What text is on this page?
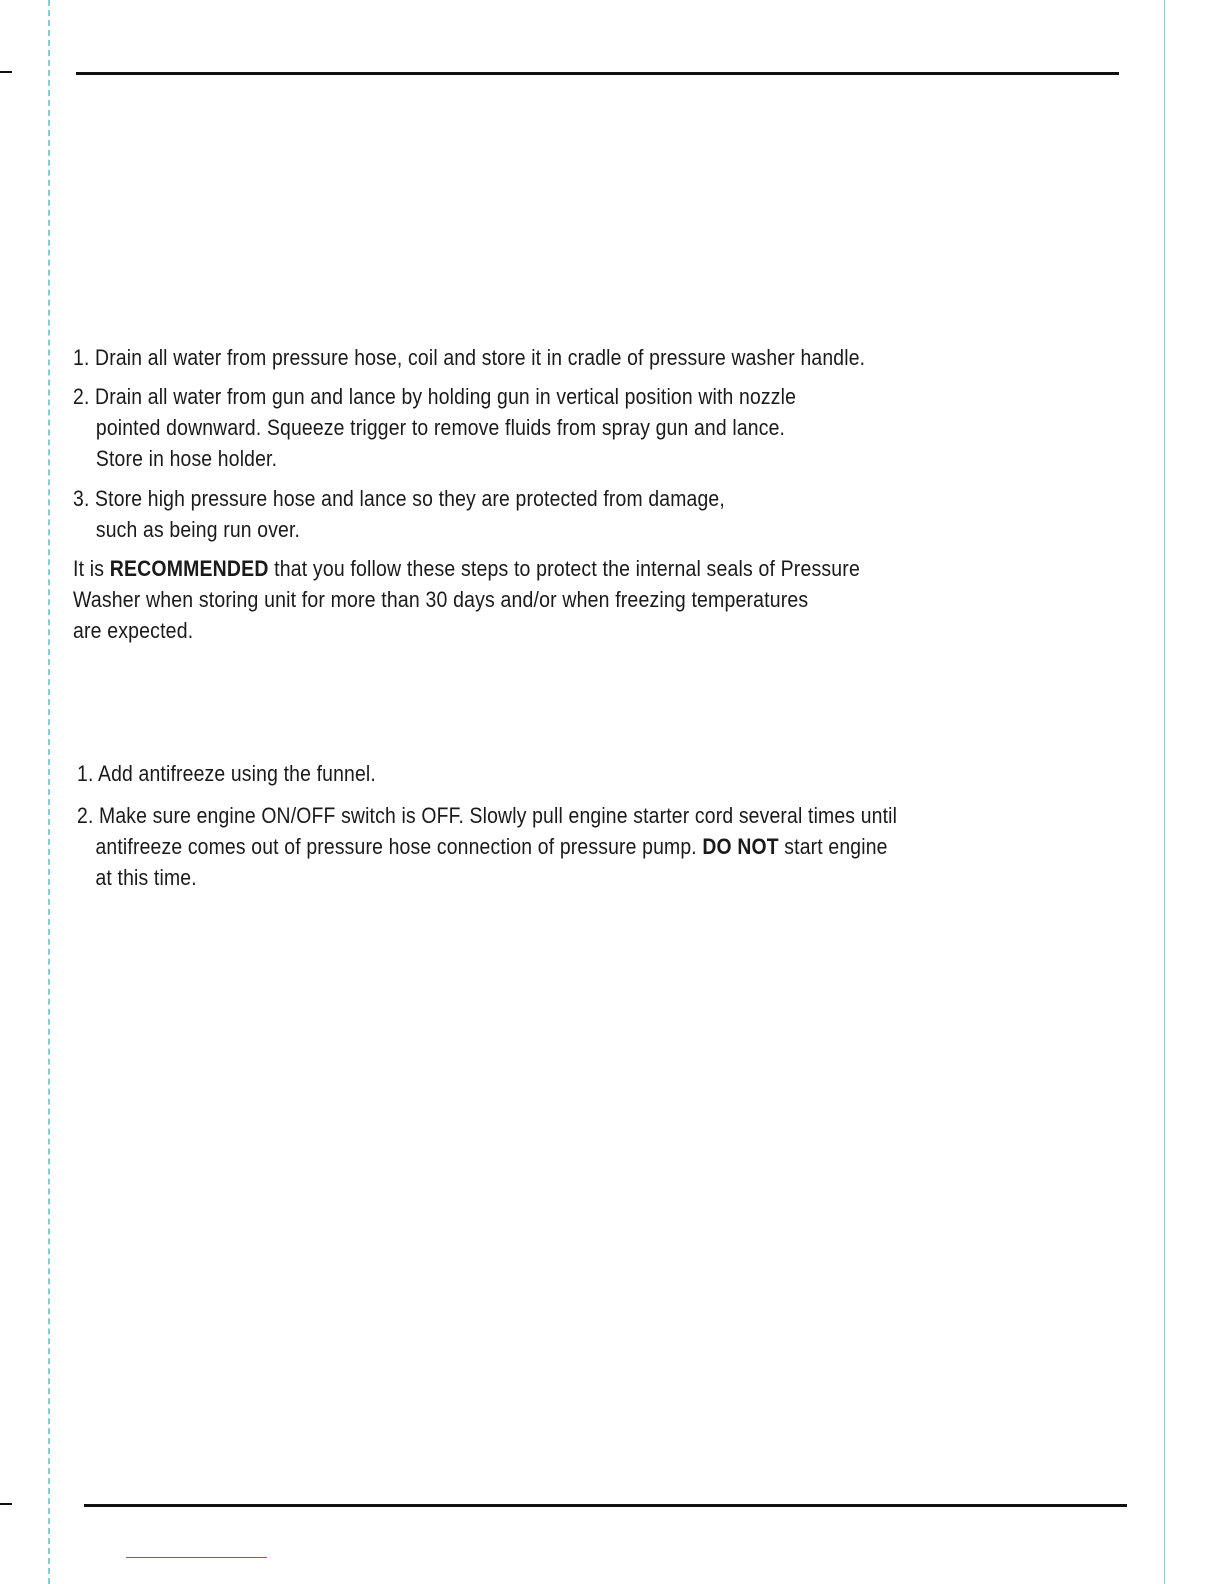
1. Drain all water from pressure hose, coil and store it in cradle of pressure washer handle.
2. Drain all water from gun and lance by holding gun in vertical position with nozzle
pointed downward. Squeeze trigger to remove fluids from spray gun and lance.
Store in hose holder.
3. Store high pressure hose and lance so they are protected from damage,
such as being run over.
It is RECOMMENDED that you follow these steps to protect the internal seals of Pressure
Washer when storing unit for more than 30 days and/or when freezing temperatures
are expected.
1. Add antifreeze using the funnel.
2. Make sure engine ON/OFF switch is OFF. Slowly pull engine starter cord several times until
antifreeze comes out of pressure hose connection of pressure pump. DO NOT start engine
at this time.
